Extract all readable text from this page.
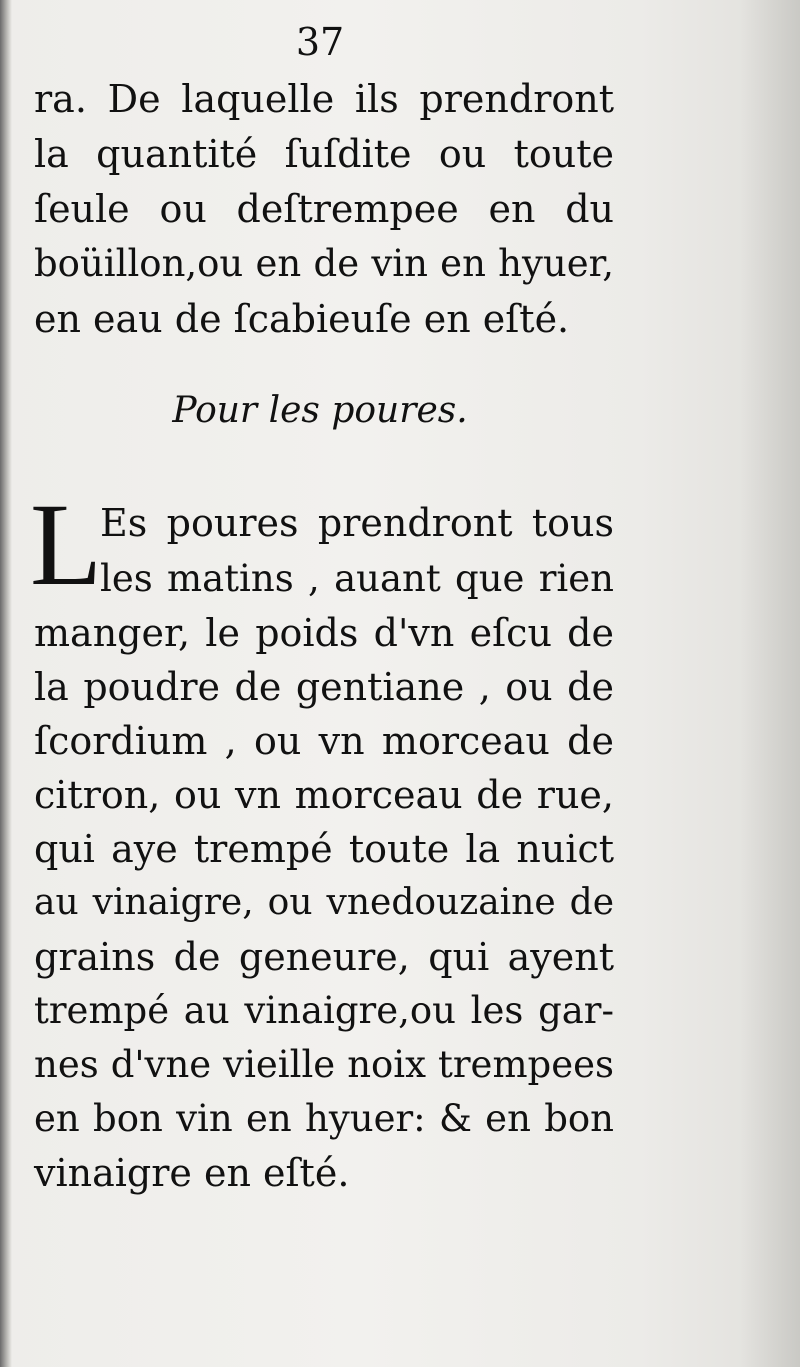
37
ra. De laquelle ils prendront
la quantité ſuſdite ou toute
ſeule ou deſtrempee en du
boüillon,ou en de vin en hyuer,
en eau de ſcabieuſe en eſté.
Pour les poures.
L
Es poures prendront tous
les matins , auant que rien
manger, le poids d'vn eſcu de
la poudre de gentiane , ou de
ſcordium , ou vn morceau de
citron, ou vn morceau de rue,
qui aye trempé toute la nuict
au vinaigre, ou vnedouzaine de
grains de geneure, qui ayent
trempé au vinaigre,ou les gar-
nes d'vne vieille noix trempees
en bon vin en hyuer: & en bon
vinaigre en eſté.
